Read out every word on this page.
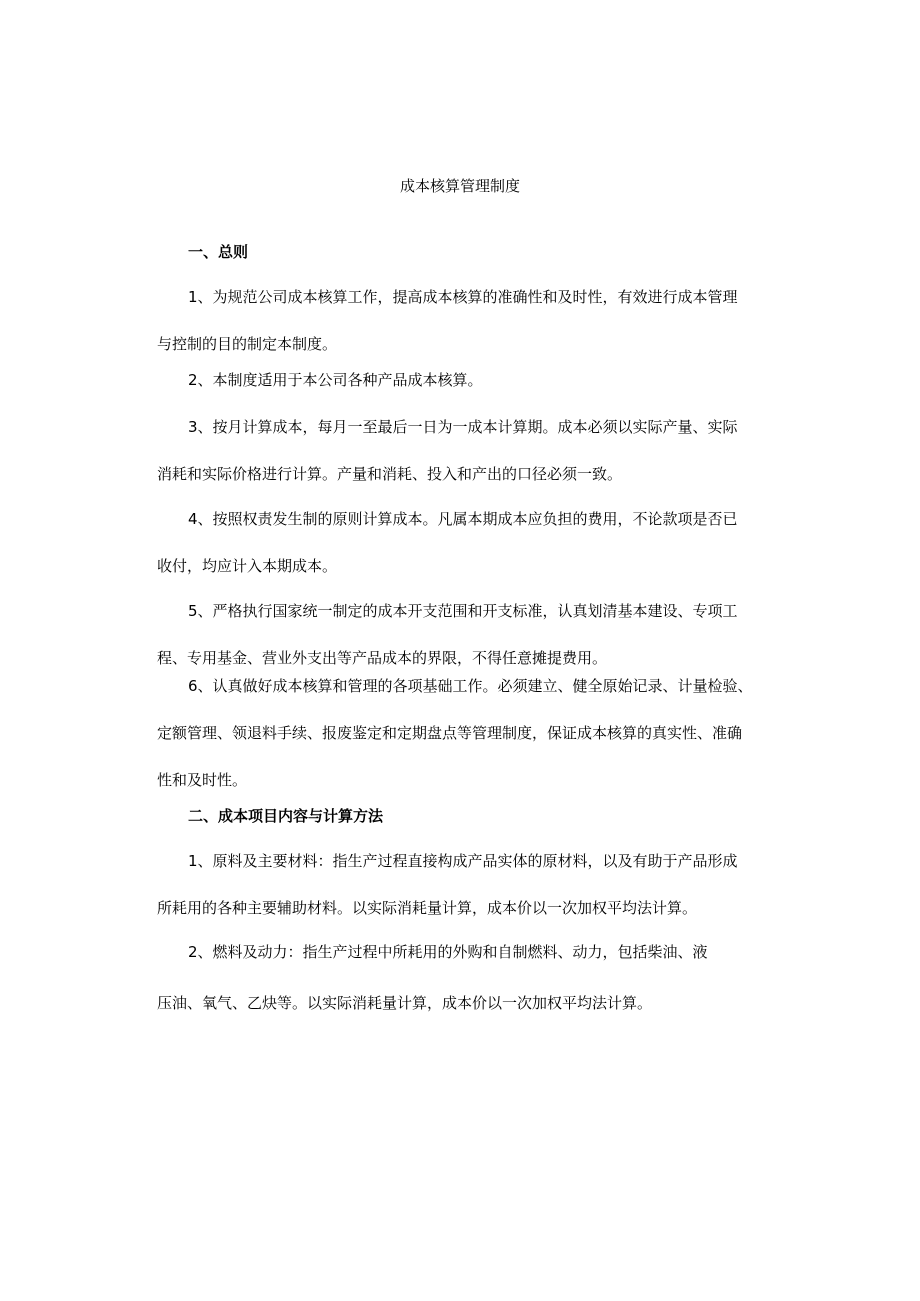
成本核算管理制度
一、总则
1、为规范公司成本核算工作，提高成本核算的准确性和及时性，有效进行成本管理
与控制的目的制定本制度。
2、本制度适用于本公司各种产品成本核算。
3、按月计算成本，每月一至最后一日为一成本计算期。成本必须以实际产量、实际
消耗和实际价格进行计算。产量和消耗、投入和产出的口径必须一致。
4、按照权责发生制的原则计算成本。凡属本期成本应负担的费用，不论款项是否已
收付，均应计入本期成本。
5、严格执行国家统一制定的成本开支范围和开支标准，认真划清基本建设、专项工
程、专用基金、营业外支出等产品成本的界限，不得任意摊提费用。
6、认真做好成本核算和管理的各项基础工作。必须建立、健全原始记录、计量检验、
定额管理、领退料手续、报废鉴定和定期盘点等管理制度，保证成本核算的真实性、准确
性和及时性。
二、成本项目内容与计算方法
1、原料及主要材料：指生产过程直接构成产品实体的原材料，以及有助于产品形成
所耗用的各种主要辅助材料。以实际消耗量计算，成本价以一次加权平均法计算。
2、燃料及动力：指生产过程中所耗用的外购和自制燃料、动力，包括柴油、液
压油、氧气、乙炔等。以实际消耗量计算，成本价以一次加权平均法计算。
